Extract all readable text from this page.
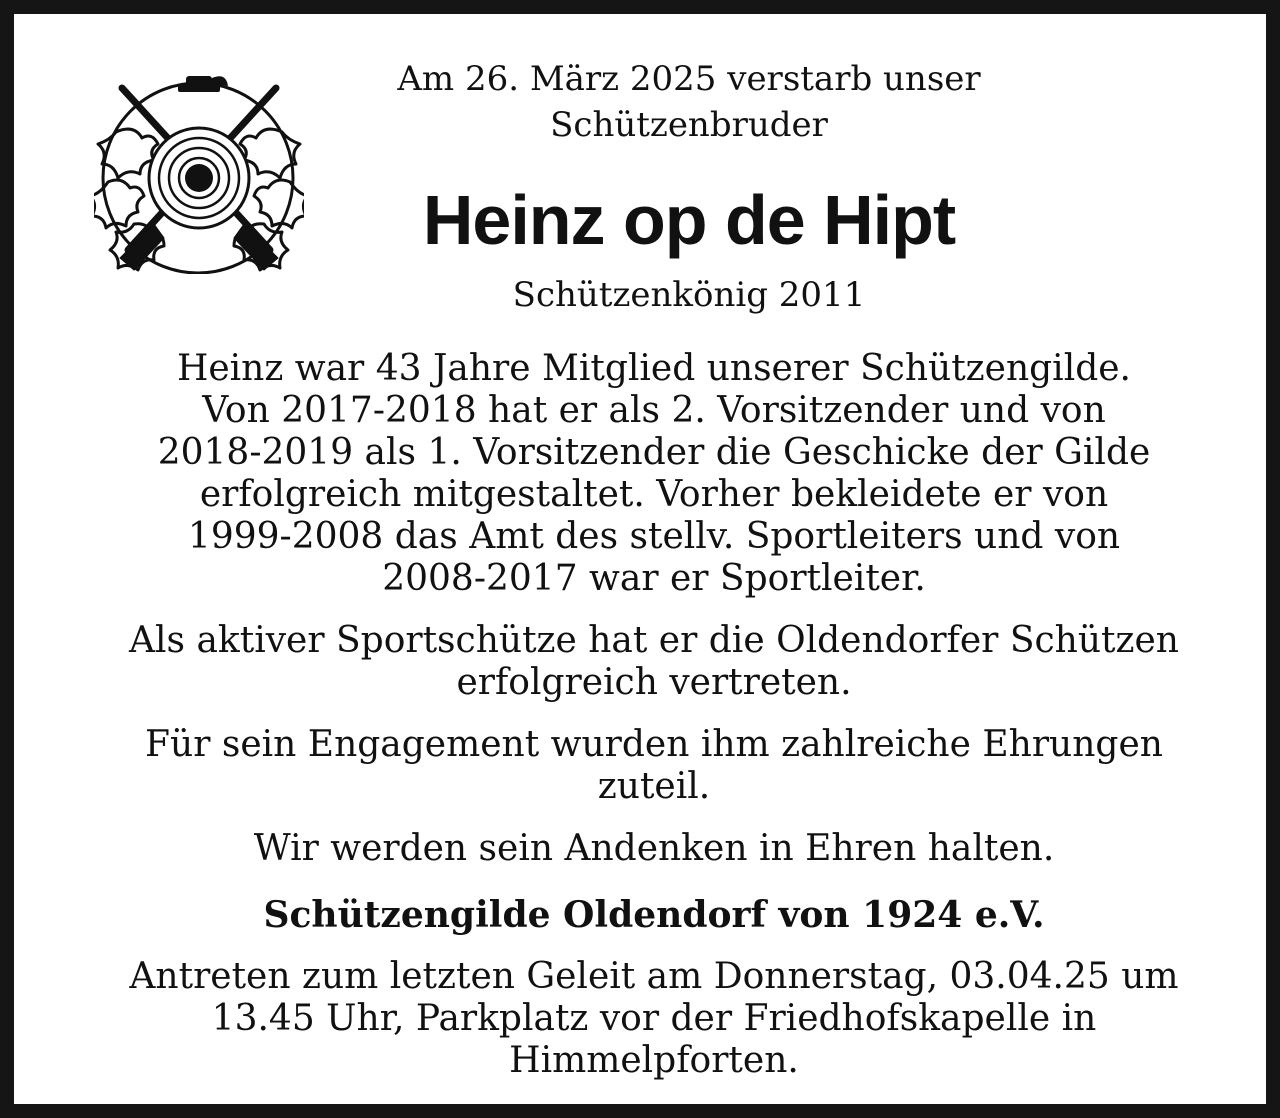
Am 26. März 2025 verstarb unser
Schützenbruder
Heinz op de Hipt
Schützenkönig 2011
Heinz war 43 Jahre Mitglied unserer Schützengilde.
Von 2017-2018 hat er als 2. Vorsitzender und von
2018-2019 als 1. Vorsitzender die Geschicke der Gilde
erfolgreich mitgestaltet. Vorher bekleidete er von
1999-2008 das Amt des stellv. Sportleiters und von
2008-2017 war er Sportleiter.
Als aktiver Sportschütze hat er die Oldendorfer Schützen
erfolgreich vertreten.
Für sein Engagement wurden ihm zahlreiche Ehrungen
zuteil.
Wir werden sein Andenken in Ehren halten.
Schützengilde Oldendorf von 1924 e.V.
Antreten zum letzten Geleit am Donnerstag, 03.04.25 um
13.45 Uhr, Parkplatz vor der Friedhofskapelle in
Himmelpforten.
